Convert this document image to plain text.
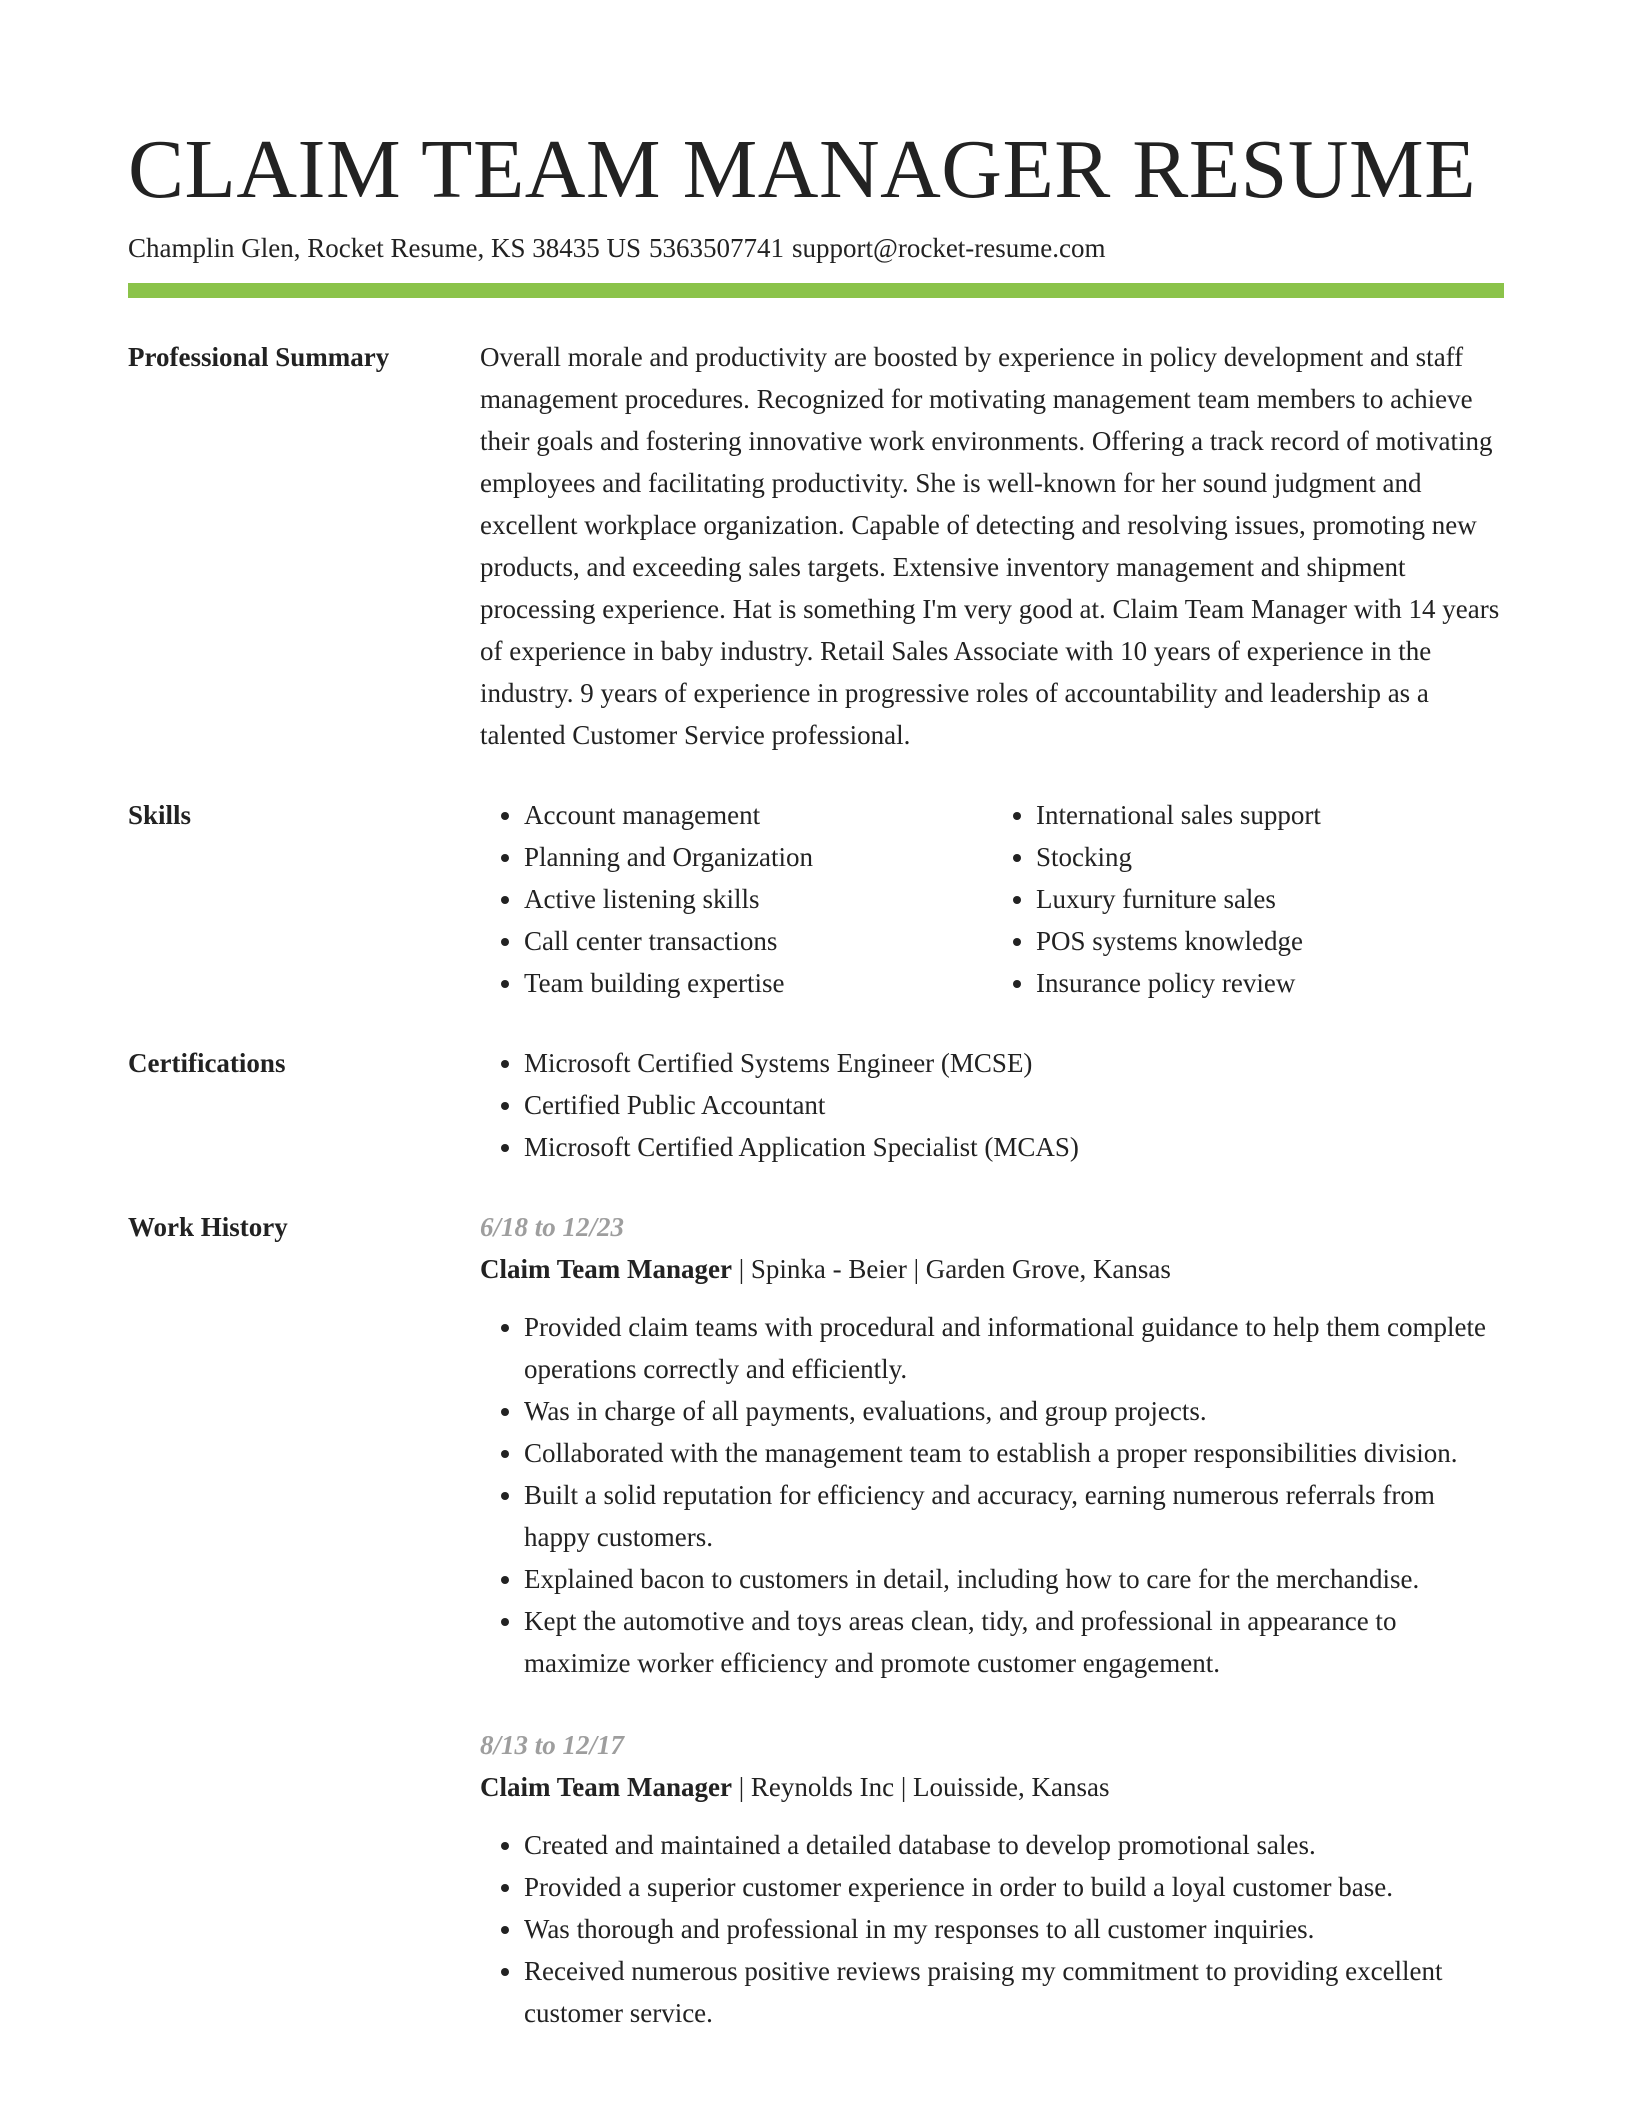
CLAIM TEAM MANAGER RESUME
Champlin Glen, Rocket Resume, KS 38435 US 5363507741 support@rocket-resume.com
Professional Summary	Overall morale and productivity are boosted by experience in policy development and staff management procedures. Recognized for motivating management team members to achieve their goals and fostering innovative work environments. Offering a track record of motivating employees and facilitating productivity. She is well-known for her sound judgment and excellent workplace organization. Capable of detecting and resolving issues, promoting new products, and exceeding sales targets. Extensive inventory management and shipment processing experience. Hat is something I'm very good at. Claim Team Manager with 14 years of experience in baby industry. Retail Sales Associate with 10 years of experience in the industry. 9 years of experience in progressive roles of accountability and leadership as a talented Customer Service professional.

Skills	• Account management
• Planning and Organization
• Active listening skills
• Call center transactions
• Team building expertise
• International sales support
• Stocking
• Luxury furniture sales
• POS systems knowledge
• Insurance policy review
Certifications	• Microsoft Certified Systems Engineer (MCSE)
• Certified Public Accountant
• Microsoft Certified Application Specialist (MCAS)
Work History	6/18 to 12/23
Claim Team Manager | Spinka - Beier | Garden Grove, Kansas
• Provided claim teams with procedural and informational guidance to help them complete operations correctly and efficiently.
• Was in charge of all payments, evaluations, and group projects.
• Collaborated with the management team to establish a proper responsibilities division.
• Built a solid reputation for efficiency and accuracy, earning numerous referrals from happy customers.
• Explained bacon to customers in detail, including how to care for the merchandise.
• Kept the automotive and toys areas clean, tidy, and professional in appearance to maximize worker efficiency and promote customer engagement.
8/13 to 12/17
Claim Team Manager | Reynolds Inc | Louisside, Kansas
• Created and maintained a detailed database to develop promotional sales.
• Provided a superior customer experience in order to build a loyal customer base.
• Was thorough and professional in my responses to all customer inquiries.
• Received numerous positive reviews praising my commitment to providing excellent customer service.
